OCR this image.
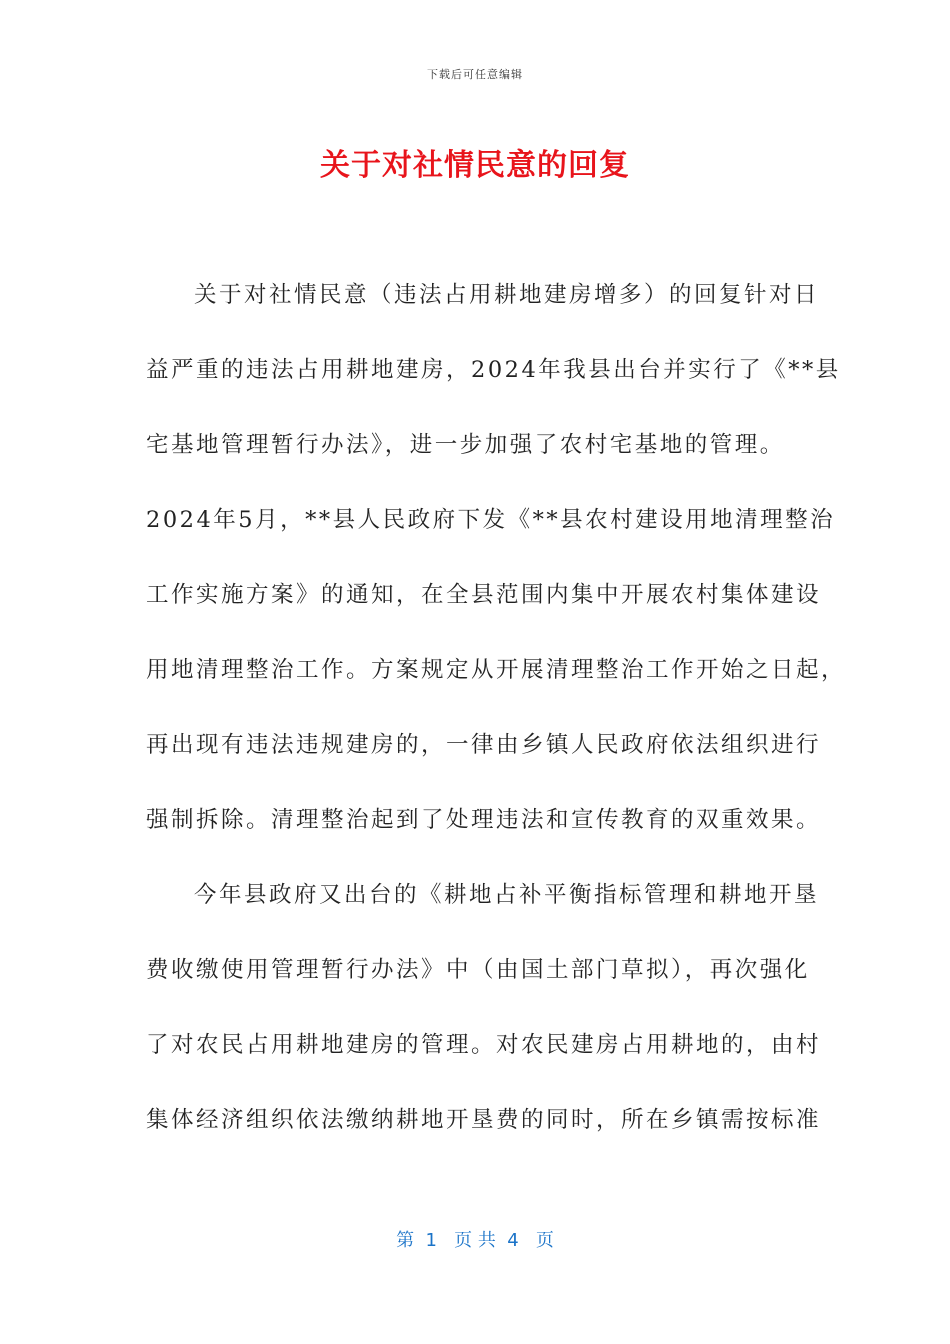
下载后可任意编辑
关于对社情民意的回复
关于对社情民意（违法占用耕地建房增多）的回复针对日
益严重的违法占用耕地建房，2024年我县出台并实行了《**县
宅基地管理暂行办法》，进一步加强了农村宅基地的管理。
2024年5月，**县人民政府下发《**县农村建设用地清理整治
工作实施方案》的通知，在全县范围内集中开展农村集体建设
用地清理整治工作。方案规定从开展清理整治工作开始之日起，
再出现有违法违规建房的，一律由乡镇人民政府依法组织进行
强制拆除。清理整治起到了处理违法和宣传教育的双重效果。
今年县政府又出台的《耕地占补平衡指标管理和耕地开垦
费收缴使用管理暂行办法》中（由国土部门草拟），再次强化
了对农民占用耕地建房的管理。对农民建房占用耕地的，由村
集体经济组织依法缴纳耕地开垦费的同时，所在乡镇需按标准
第  1   页 共  4   页
